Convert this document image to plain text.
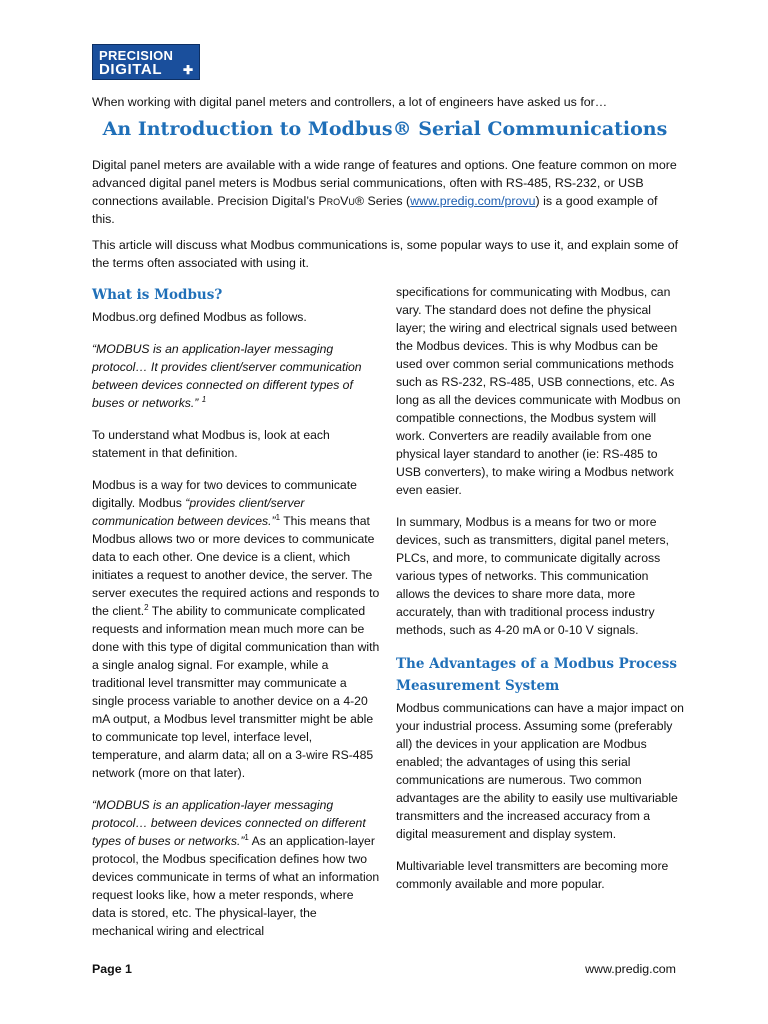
PRECISION
DIGITAL	✚
When working with digital panel meters and controllers, a lot of engineers have asked us for…
An Introduction to Modbus® Serial Communications
Digital panel meters are available with a wide range of features and options. One feature common on more advanced digital panel meters is Modbus serial communications, often with RS-485, RS-232, or USB connections available. Precision Digital’s ProVu® Series (www.predig.com/provu) is a good example of this.
This article will discuss what Modbus communications is, some popular ways to use it, and explain some of the terms often associated with using it.
What is Modbus?

Modbus.org defined Modbus as follows.

“MODBUS is an application-layer messaging protocol… It provides client/server communication between devices connected on different types of buses or networks.” $^1$

To understand what Modbus is, look at each statement in that definition.

Modbus is a way for two devices to communicate digitally. Modbus “provides client/server communication between devices.”$^1$ This means that Modbus allows two or more devices to communicate data to each other. One device is a client, which initiates a request to another device, the server. The server executes the required actions and responds to the client.$^2$ The ability to communicate complicated requests and information mean much more can be done with this type of digital communication than with a single analog signal. For example, while a traditional level transmitter may communicate a single process variable to another device on a 4-20 mA output, a Modbus level transmitter might be able to communicate top level, interface level, temperature, and alarm data; all on a 3-wire RS-485 network (more on that later).

“MODBUS is an application-layer messaging protocol… between devices connected on different types of buses or networks.”$^1$ As an application-layer protocol, the Modbus specification defines how two devices communicate in terms of what an information request looks like, how a meter responds, where data is stored, etc. The physical-layer, the mechanical wiring and electrical

specifications for communicating with Modbus, can vary. The standard does not define the physical layer; the wiring and electrical signals used between the Modbus devices. This is why Modbus can be used over common serial communications methods such as RS-232, RS-485, USB connections, etc. As long as all the devices communicate with Modbus on compatible connections, the Modbus system will work. Converters are readily available from one physical layer standard to another (ie: RS-485 to USB converters), to make wiring a Modbus network even easier.

In summary, Modbus is a means for two or more devices, such as transmitters, digital panel meters, PLCs, and more, to communicate digitally across various types of networks. This communication allows the devices to share more data, more accurately, than with traditional process industry methods, such as 4-20 mA or 0-10 V signals.

The Advantages of a Modbus Process Measurement System

Modbus communications can have a major impact on your industrial process. Assuming some (preferably all) the devices in your application are Modbus enabled; the advantages of using this serial communications are numerous. Two common advantages are the ability to easily use multivariable transmitters and the increased accuracy from a digital measurement and display system.

Multivariable level transmitters are becoming more commonly available and more popular.

Page 1	www.predig.com
